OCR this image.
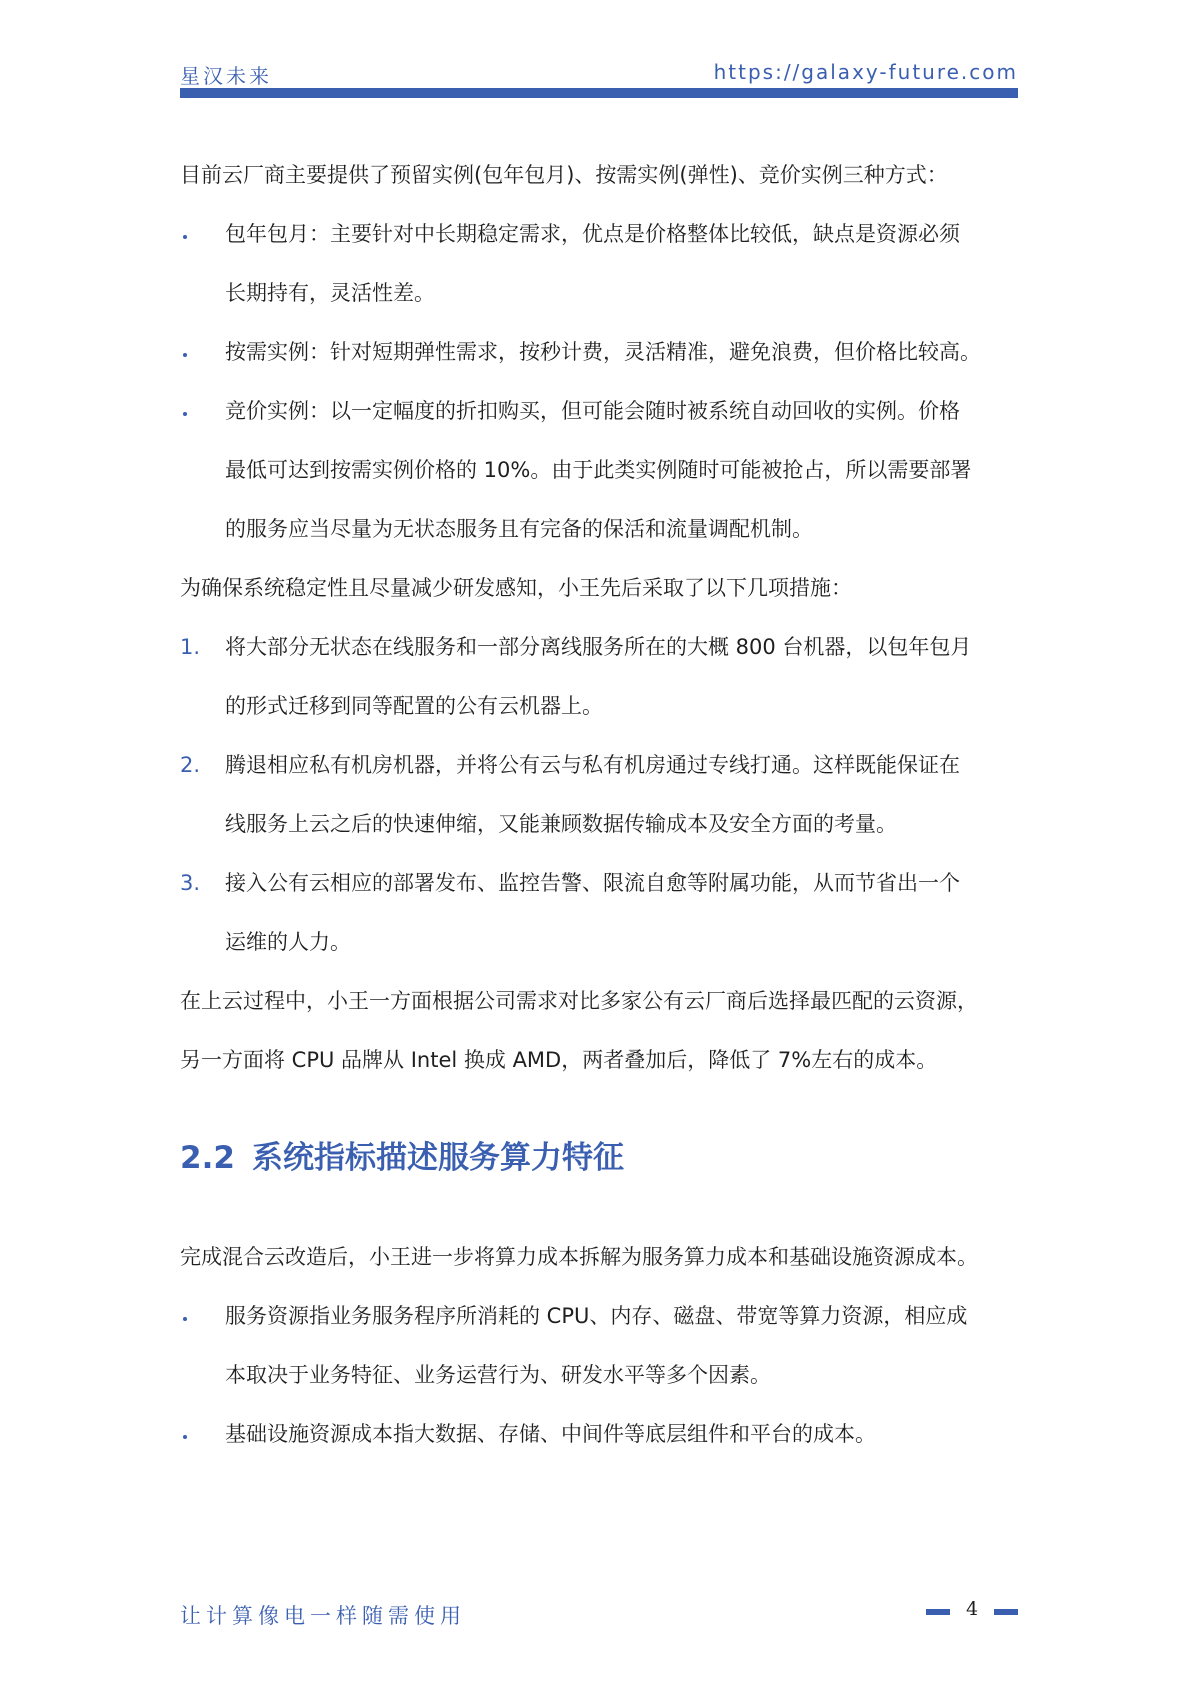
星汉未来	https://galaxy-future.com

目前云厂商主要提供了预留实例(包年包月)、按需实例(弹性)、竞价实例三种方式：

包年包月：主要针对中长期稳定需求，优点是价格整体比较低，缺点是资源必须
长期持有，灵活性差。
按需实例：针对短期弹性需求，按秒计费，灵活精准，避免浪费，但价格比较高。
竞价实例：以一定幅度的折扣购买，但可能会随时被系统自动回收的实例。价格
最低可达到按需实例价格的 10%。由于此类实例随时可能被抢占，所以需要部署
的服务应当尽量为无状态服务且有完备的保活和流量调配机制。

为确保系统稳定性且尽量减少研发感知，小王先后采取了以下几项措施：

1. 将大部分无状态在线服务和一部分离线服务所在的大概 800 台机器，以包年包月
的形式迁移到同等配置的公有云机器上。
2. 腾退相应私有机房机器，并将公有云与私有机房通过专线打通。这样既能保证在
线服务上云之后的快速伸缩，又能兼顾数据传输成本及安全方面的考量。
3. 接入公有云相应的部署发布、监控告警、限流自愈等附属功能，从而节省出一个
运维的人力。

在上云过程中，小王一方面根据公司需求对比多家公有云厂商后选择最匹配的云资源，

另一方面将 CPU 品牌从 Intel 换成 AMD，两者叠加后，降低了 7%左右的成本。

2.2 系统指标描述服务算力特征

完成混合云改造后，小王进一步将算力成本拆解为服务算力成本和基础设施资源成本。

服务资源指业务服务程序所消耗的 CPU、内存、磁盘、带宽等算力资源，相应成
本取决于业务特征、业务运营行为、研发水平等多个因素。
基础设施资源成本指大数据、存储、中间件等底层组件和平台的成本。
让计算像电一样随需使用	4
